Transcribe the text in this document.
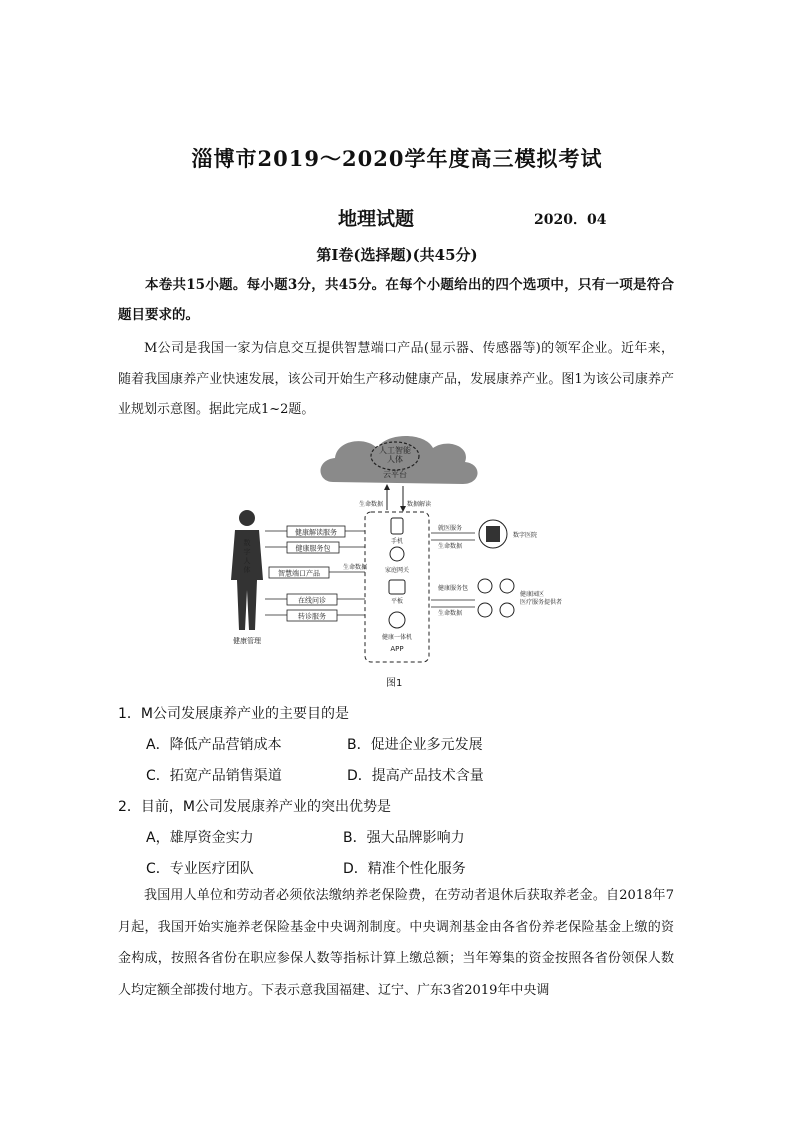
淄博市2019～2020学年度高三模拟考试
地理试题	2020．04
第Ⅰ卷(选择题)(共45分)

本卷共15小题。每小题3分，共45分。在每个小题给出的四个选项中，只有一项是符合题目要求的。

M公司是我国一家为信息交互提供智慧端口产品(显示器、传感器等)的领军企业。近年来，随着我国康养产业快速发展，该公司开始生产移动健康产品，发展康养产业。图1为该公司康养产业规划示意图。据此完成1~2题。

人工智能
人体
云平台
生命数据	数据解读
手机
家庭网关
平板
健康一体机
APP
数
字
人
体
健康管理
健康解读服务
健康服务包
智慧端口产品
在线问诊
转诊服务
生命数据
就医服务
生命数据
数字医院
健康服务包
生命数据
健康园区
医疗服务提供者
图1
1．M公司发展康养产业的主要目的是
A．降低产品营销成本	B．促进企业多元发展
C．拓宽产品销售渠道	D．提高产品技术含量
2．目前，M公司发展康养产业的突出优势是
A，雄厚资金实力	B．强大品牌影响力
C．专业医疗团队	D．精准个性化服务

我国用人单位和劳动者必须依法缴纳养老保险费，在劳动者退休后获取养老金。自2018年7月起，我国开始实施养老保险基金中央调剂制度。中央调剂基金由各省份养老保险基金上缴的资金构成，按照各省份在职应参保人数等指标计算上缴总额；当年筹集的资金按照各省份领保人数人均定额全部拨付地方。下表示意我国福建、辽宁、广东3省2019年中央调
